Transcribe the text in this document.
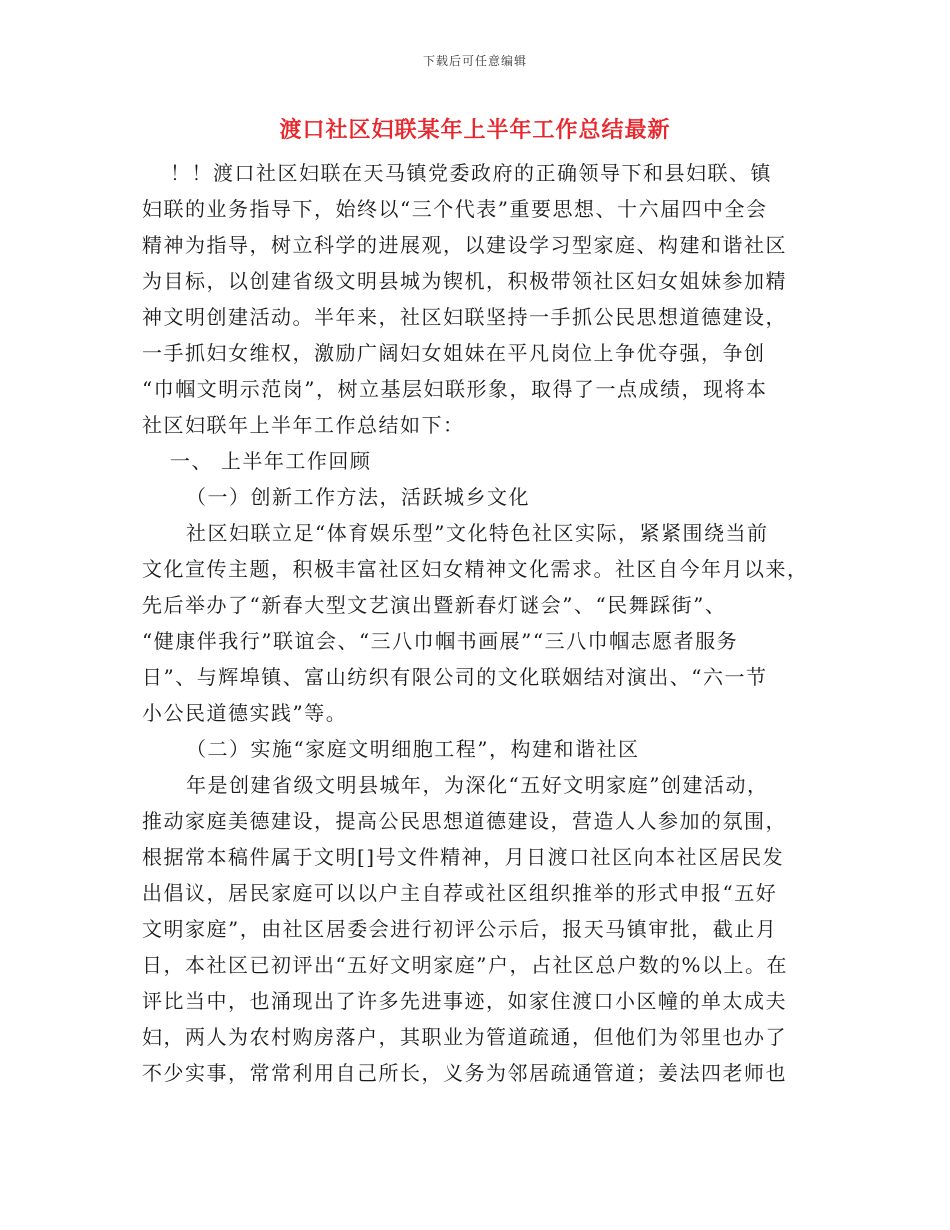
下载后可任意编辑
渡口社区妇联某年上半年工作总结最新
！！渡口社区妇联在天马镇党委政府的正确领导下和县妇联、镇
妇联的业务指导下，始终以“三个代表”重要思想、十六届四中全会
精神为指导，树立科学的进展观，以建设学习型家庭、构建和谐社区
为目标，以创建省级文明县城为锲机，积极带领社区妇女姐妹参加精
神文明创建活动。半年来，社区妇联坚持一手抓公民思想道德建设，
一手抓妇女维权，激励广阔妇女姐妹在平凡岗位上争优夺强，争创
“巾帼文明示范岗”，树立基层妇联形象，取得了一点成绩，现将本
社区妇联年上半年工作总结如下：
一、 上半年工作回顾
（一）创新工作方法，活跃城乡文化
社区妇联立足“体育娱乐型”文化特色社区实际，紧紧围绕当前
文化宣传主题，积极丰富社区妇女精神文化需求。社区自今年月以来，
先后举办了“新春大型文艺演出暨新春灯谜会”、“民舞踩街”、
“健康伴我行”联谊会、“三八巾帼书画展”“三八巾帼志愿者服务
日”、与辉埠镇、富山纺织有限公司的文化联姻结对演出、“六一节
小公民道德实践”等。
（二）实施“家庭文明细胞工程”，构建和谐社区
年是创建省级文明县城年，为深化“五好文明家庭”创建活动，
推动家庭美德建设，提高公民思想道德建设，营造人人参加的氛围，
根据常本稿件属于文明[]号文件精神，月日渡口社区向本社区居民发
出倡议，居民家庭可以以户主自荐或社区组织推举的形式申报“五好
文明家庭”，由社区居委会进行初评公示后，报天马镇审批，截止月
日，本社区已初评出“五好文明家庭”户，占社区总户数的%以上。在
评比当中，也涌现出了许多先进事迹，如家住渡口小区幢的单太成夫
妇，两人为农村购房落户，其职业为管道疏通，但他们为邻里也办了
不少实事，常常利用自己所长，义务为邻居疏通管道；姜法四老师也
